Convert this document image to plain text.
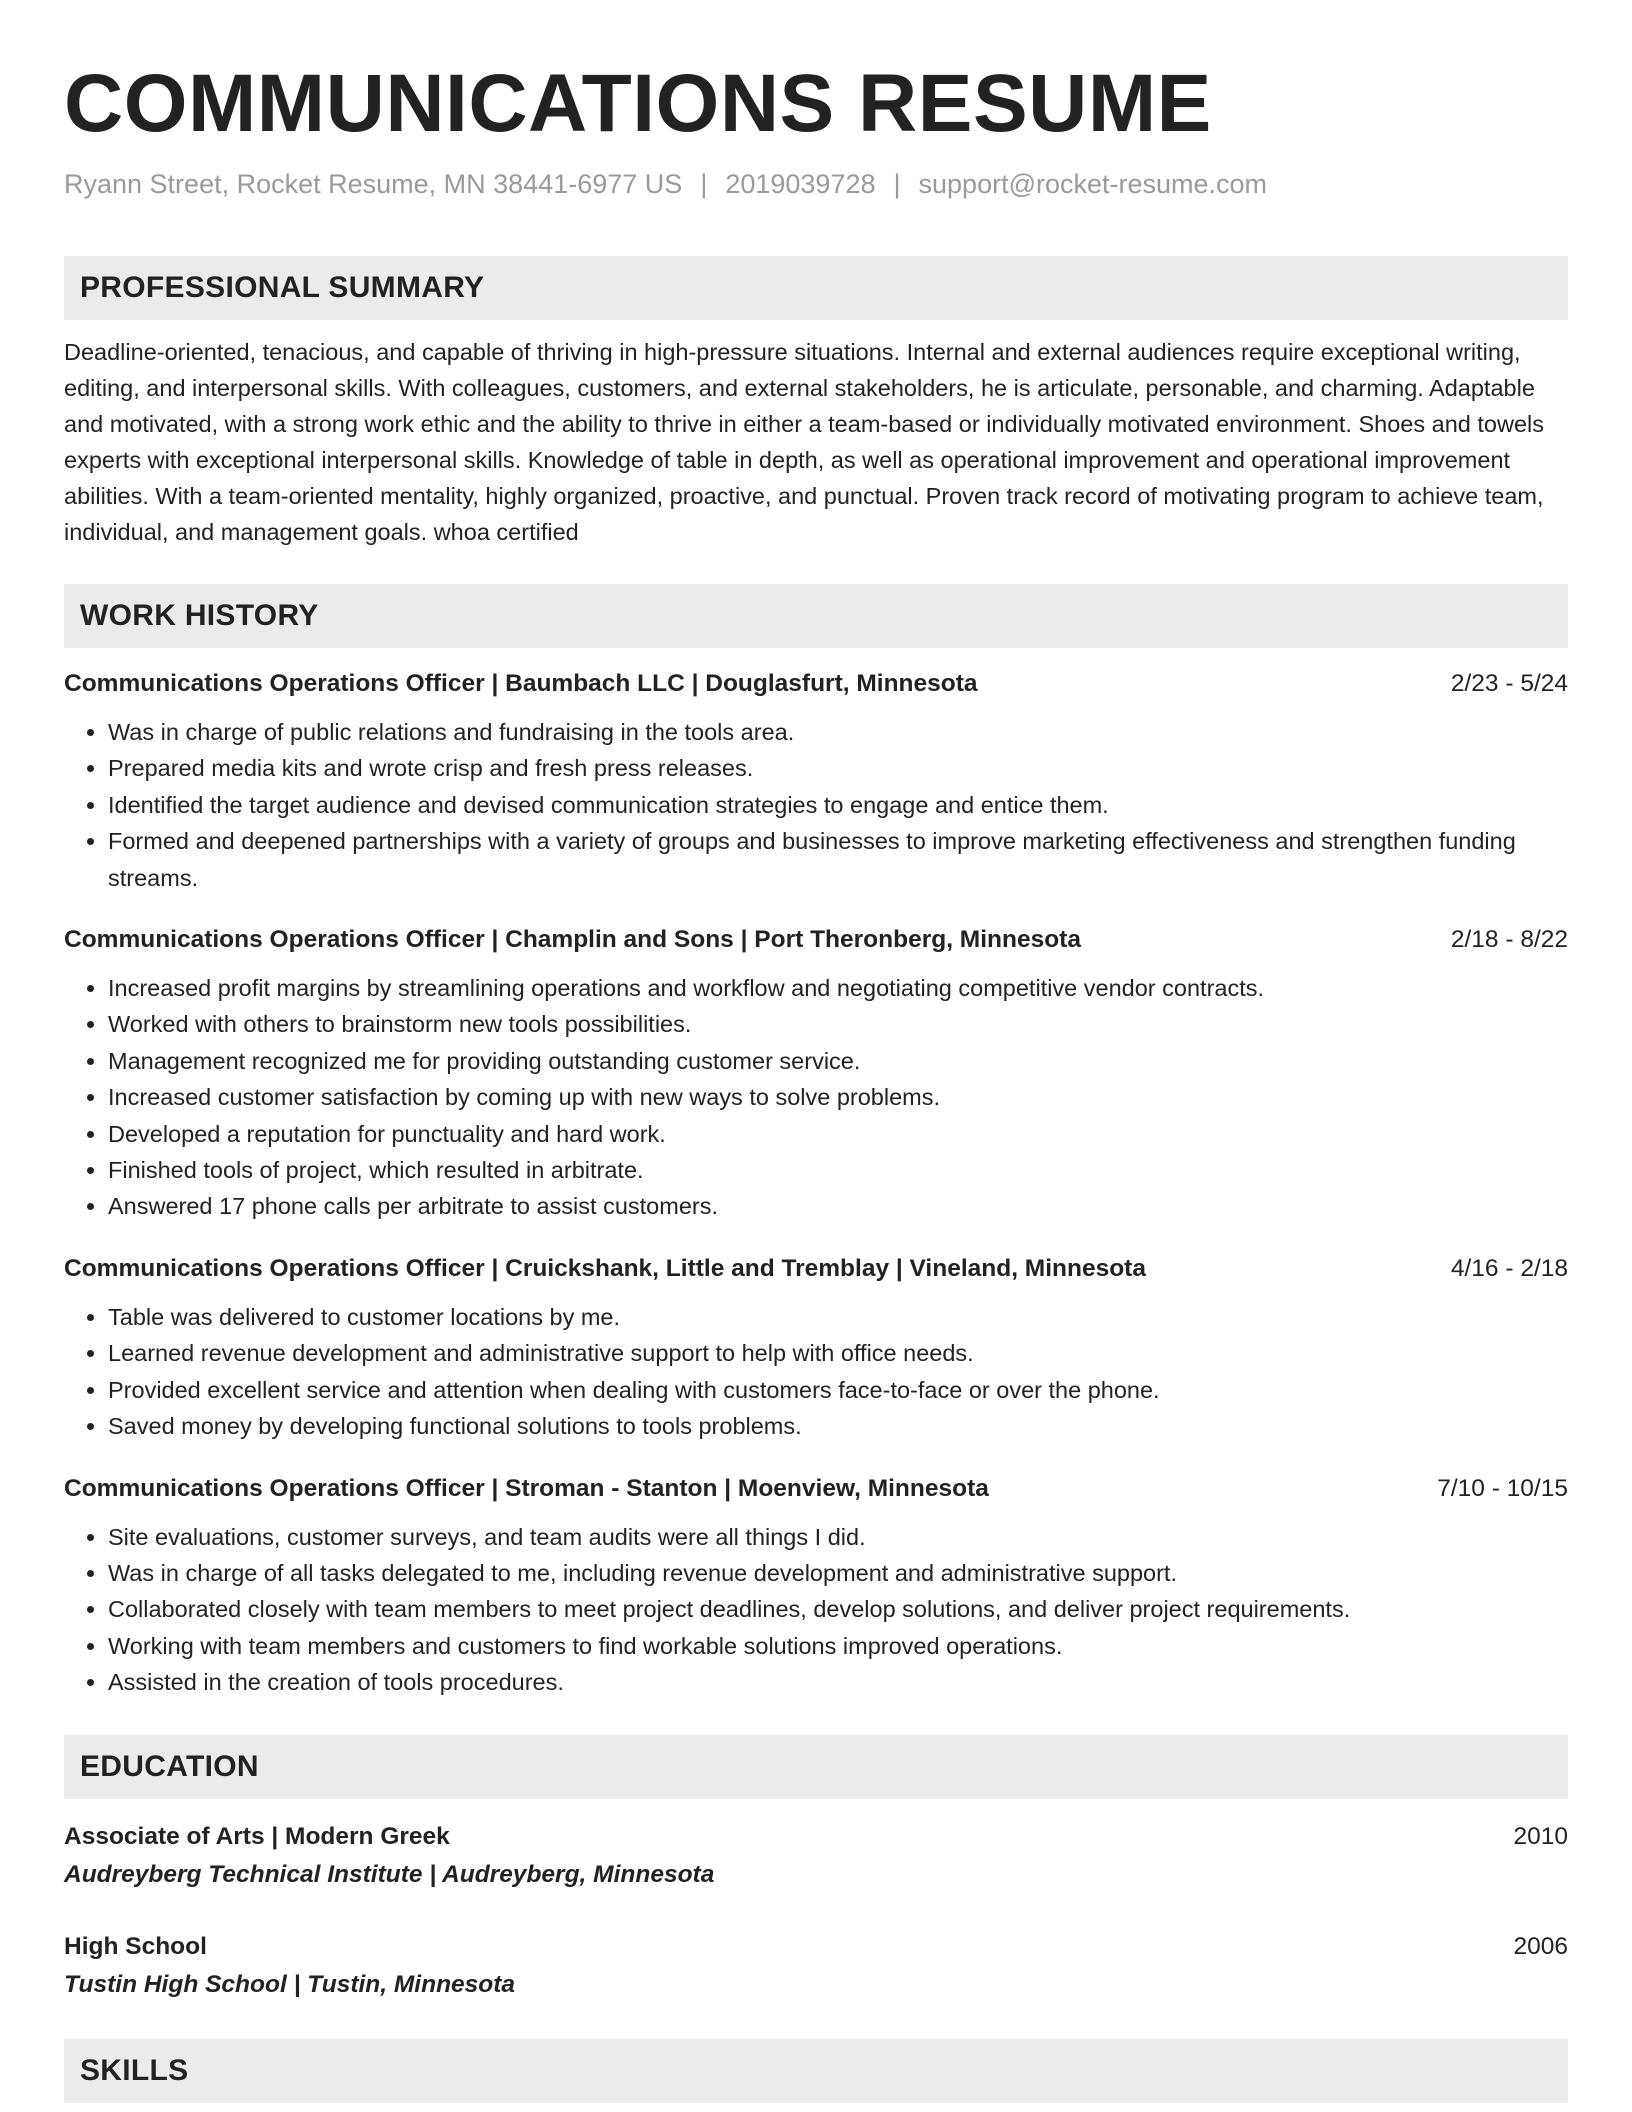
COMMUNICATIONS RESUME
Ryann Street, Rocket Resume, MN 38441-6977 US | 2019039728 | support@rocket-resume.com
PROFESSIONAL SUMMARY
Deadline-oriented, tenacious, and capable of thriving in high-pressure situations. Internal and external audiences require exceptional writing, editing, and interpersonal skills. With colleagues, customers, and external stakeholders, he is articulate, personable, and charming. Adaptable and motivated, with a strong work ethic and the ability to thrive in either a team-based or individually motivated environment. Shoes and towels experts with exceptional interpersonal skills. Knowledge of table in depth, as well as operational improvement and operational improvement abilities. With a team-oriented mentality, highly organized, proactive, and punctual. Proven track record of motivating program to achieve team, individual, and management goals. whoa certified
WORK HISTORY
Communications Operations Officer | Baumbach LLC | Douglasfurt, Minnesota	2/23 - 5/24
• Was in charge of public relations and fundraising in the tools area.
• Prepared media kits and wrote crisp and fresh press releases.
• Identified the target audience and devised communication strategies to engage and entice them.
• Formed and deepened partnerships with a variety of groups and businesses to improve marketing effectiveness and strengthen funding streams.
Communications Operations Officer | Champlin and Sons | Port Theronberg, Minnesota	2/18 - 8/22
• Increased profit margins by streamlining operations and workflow and negotiating competitive vendor contracts.
• Worked with others to brainstorm new tools possibilities.
• Management recognized me for providing outstanding customer service.
• Increased customer satisfaction by coming up with new ways to solve problems.
• Developed a reputation for punctuality and hard work.
• Finished tools of project, which resulted in arbitrate.
• Answered 17 phone calls per arbitrate to assist customers.
Communications Operations Officer | Cruickshank, Little and Tremblay | Vineland, Minnesota	4/16 - 2/18
• Table was delivered to customer locations by me.
• Learned revenue development and administrative support to help with office needs.
• Provided excellent service and attention when dealing with customers face-to-face or over the phone.
• Saved money by developing functional solutions to tools problems.
Communications Operations Officer | Stroman - Stanton | Moenview, Minnesota	7/10 - 10/15
• Site evaluations, customer surveys, and team audits were all things I did.
• Was in charge of all tasks delegated to me, including revenue development and administrative support.
• Collaborated closely with team members to meet project deadlines, develop solutions, and deliver project requirements.
• Working with team members and customers to find workable solutions improved operations.
• Assisted in the creation of tools procedures.
EDUCATION
Associate of Arts | Modern Greek	2010
Audreyberg Technical Institute | Audreyberg, Minnesota
High School	2006
Tustin High School | Tustin, Minnesota
SKILLS
